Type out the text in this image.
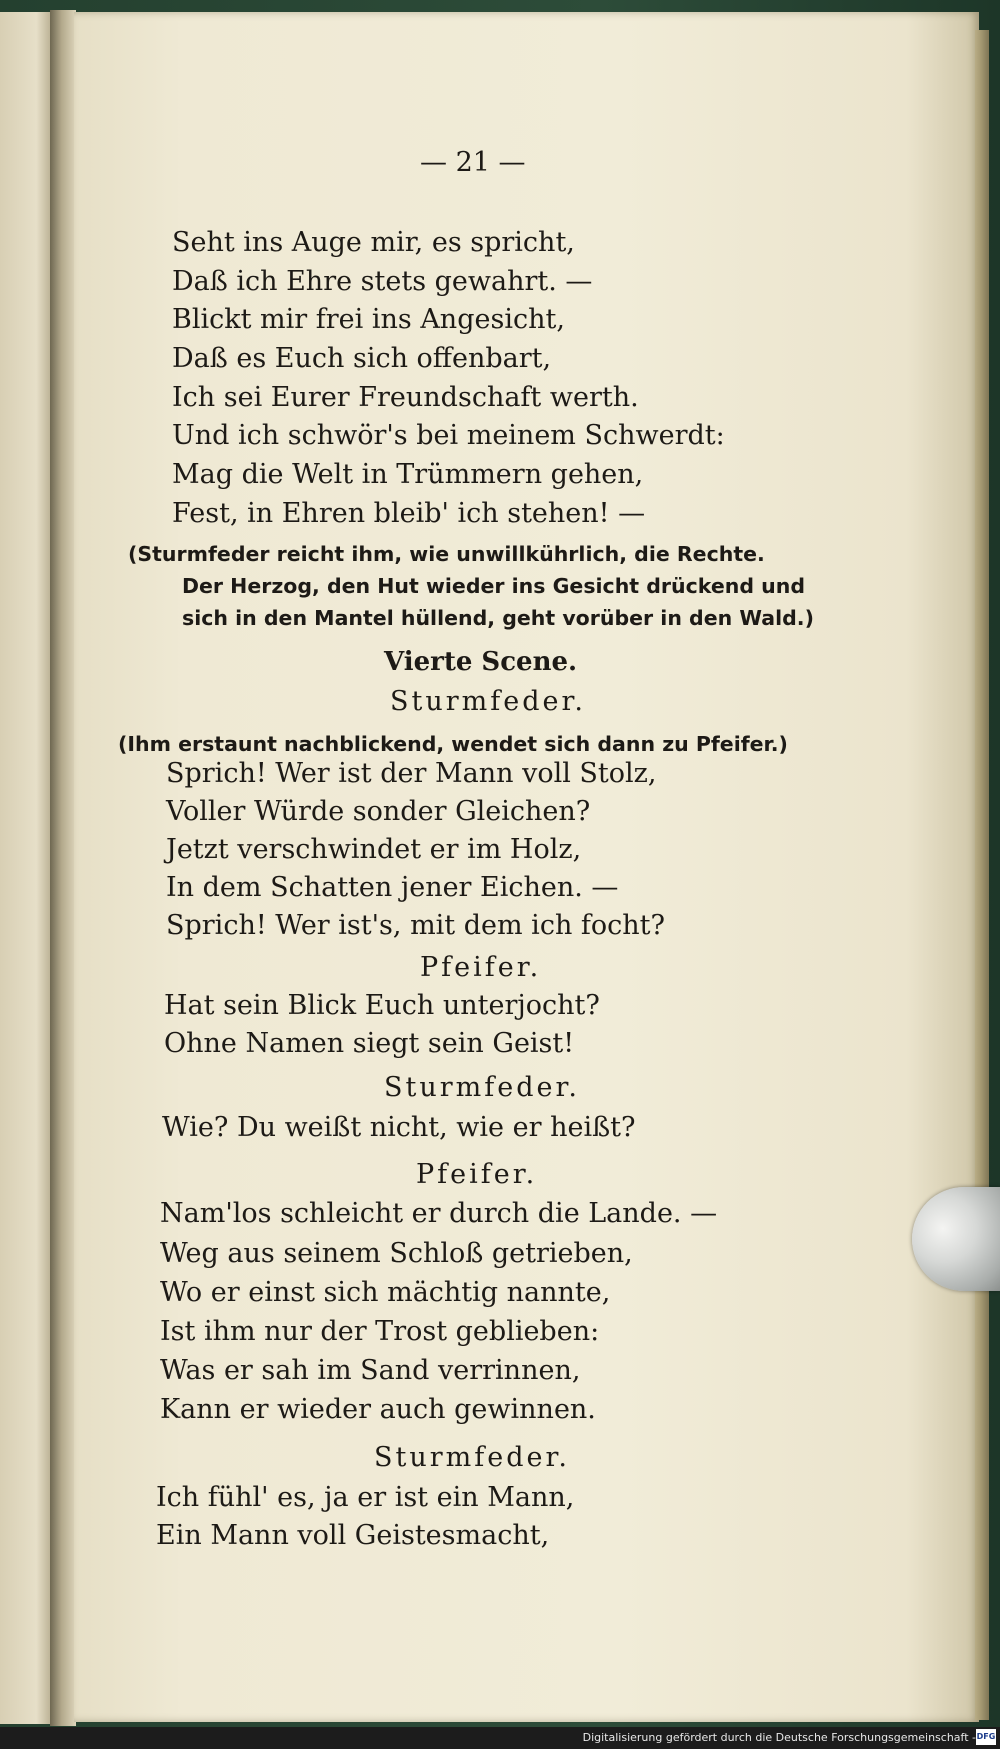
— 21 —
Seht ins Auge mir, es spricht,
Daß ich Ehre stets gewahrt. —
Blickt mir frei ins Angesicht,
Daß es Euch sich offenbart,
Ich sei Eurer Freundschaft werth.
Und ich schwör's bei meinem Schwerdt:
Mag die Welt in Trümmern gehen,
Fest, in Ehren bleib' ich stehen! —
(Sturmfeder reicht ihm, wie unwillkührlich, die Rechte.
Der Herzog, den Hut wieder ins Gesicht drückend und
sich in den Mantel hüllend, geht vorüber in den Wald.)
Vierte Scene.
Sturmfeder.
(Ihm erstaunt nachblickend, wendet sich dann zu Pfeifer.)
Sprich! Wer ist der Mann voll Stolz,
Voller Würde sonder Gleichen?
Jetzt verschwindet er im Holz,
In dem Schatten jener Eichen. —
Sprich! Wer ist's, mit dem ich focht?
Pfeifer.
Hat sein Blick Euch unterjocht?
Ohne Namen siegt sein Geist!
Sturmfeder.
Wie? Du weißt nicht, wie er heißt?
Pfeifer.
Nam'los schleicht er durch die Lande. —
Weg aus seinem Schloß getrieben,
Wo er einst sich mächtig nannte,
Ist ihm nur der Trost geblieben:
Was er sah im Sand verrinnen,
Kann er wieder auch gewinnen.
Sturmfeder.
Ich fühl' es, ja er ist ein Mann,
Ein Mann voll Geistesmacht,
Digitalisierung gefördert durch die Deutsche Forschungsgemeinschaft - DFG
